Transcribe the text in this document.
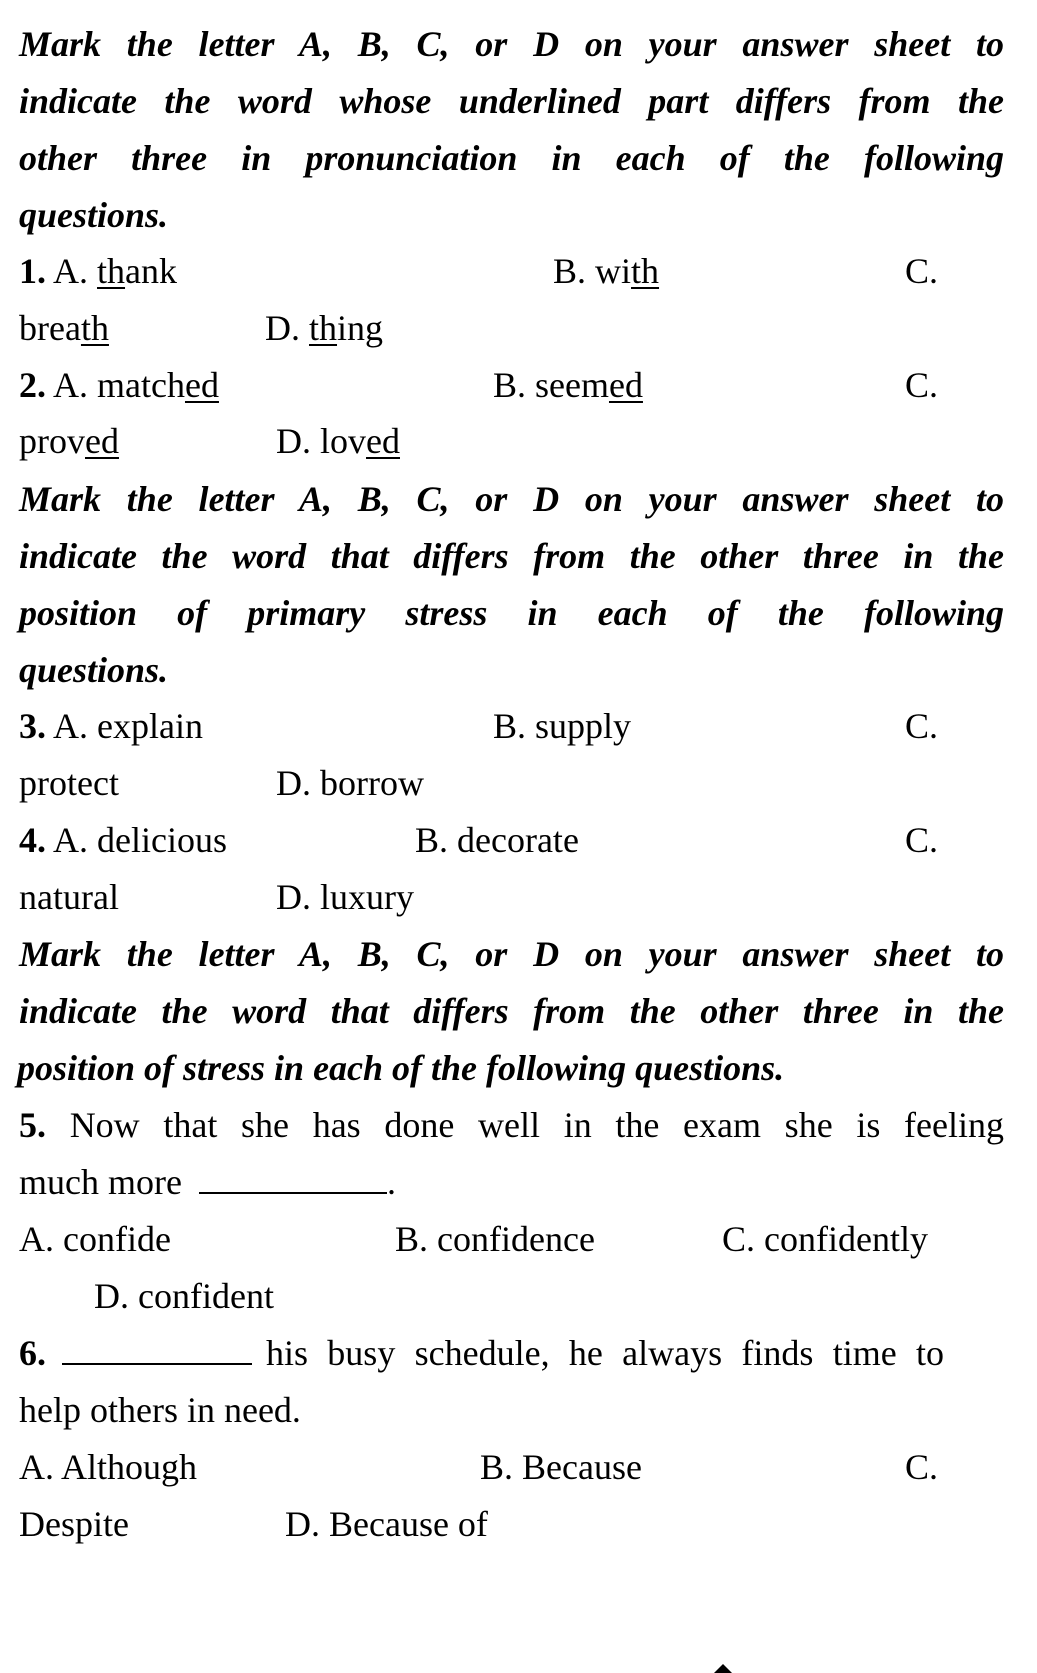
Mark the letter A, B, C, or D on your answer sheet to
indicate the word whose underlined part differs from the
other three in pronunciation in each of the following
questions.
1. A. thank	B. with	C.
breath	D. thing
2. A. matched	B. seemed	C.
proved	D. loved
Mark the letter A, B, C, or D on your answer sheet to
indicate the word that differs from the other three in the
position of primary stress in each of the following
questions.
3. A. explain	B. supply	C.
protect	D. borrow
4. A. delicious	B. decorate	C.
natural	D. luxury
Mark the letter A, B, C, or D on your answer sheet to
indicate the word that differs from the other three in the
position of stress in each of the following questions.
5. Now that she has done well in the exam she is feeling
much more	.
A. confide	B. confidence	C. confidently
D. confident
6.	his busy schedule, he always finds time to
help others in need.
A. Although	B. Because	C.
Despite	D. Because of
